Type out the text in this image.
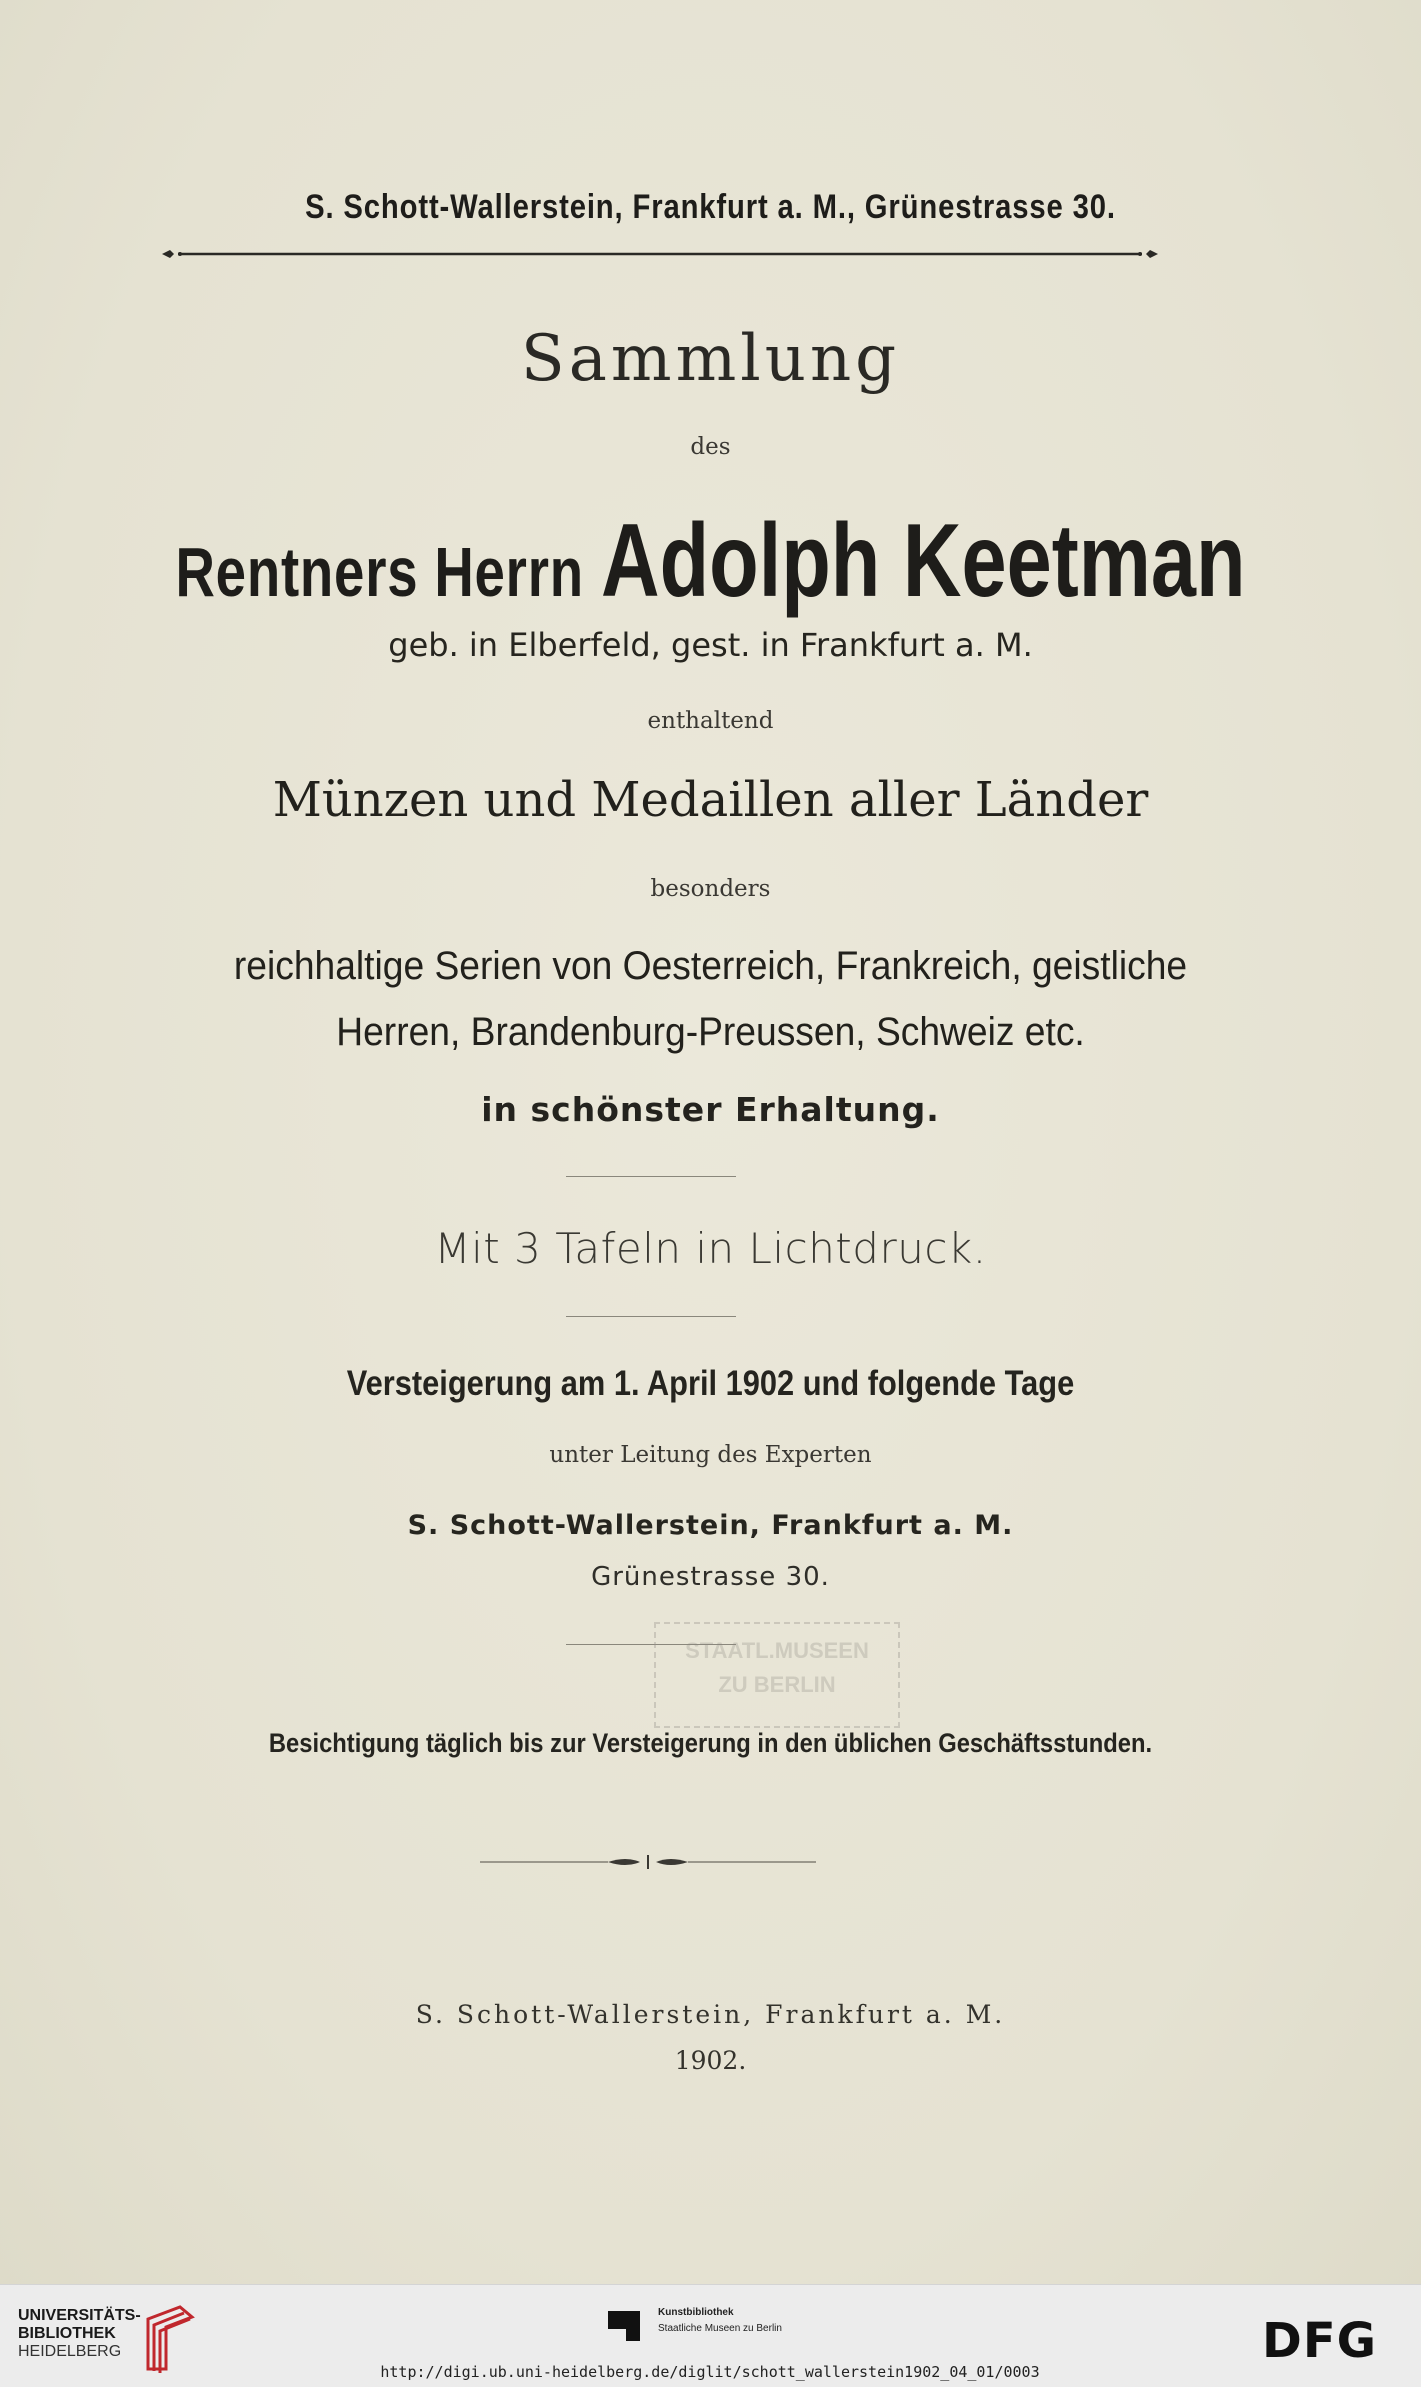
S. Schott-Wallerstein, Frankfurt a. M., Grünestrasse 30.
Sammlung
des
Rentners Herrn Adolph Keetman
geb. in Elberfeld, gest. in Frankfurt a. M.
enthaltend
Münzen und Medaillen aller Länder
besonders
reichhaltige Serien von Oesterreich, Frankreich, geistliche
Herren, Brandenburg-Preussen, Schweiz etc.
in schönster Erhaltung.
Mit 3 Tafeln in Lichtdruck.
Versteigerung am 1. April 1902 und folgende Tage
unter Leitung des Experten
S. Schott-Wallerstein, Frankfurt a. M.
Grünestrasse 30.
STAATL.MUSEEN
ZU BERLIN
Besichtigung täglich bis zur Versteigerung in den üblichen Geschäftsstunden.
S. Schott-Wallerstein, Frankfurt a. M.
1902.
UNIVERSITÄTS-
BIBLIOTHEK
HEIDELBERG
Kunstbibliothek
Staatliche Museen zu Berlin	DFG
http://digi.ub.uni-heidelberg.de/diglit/schott_wallerstein1902_04_01/0003
